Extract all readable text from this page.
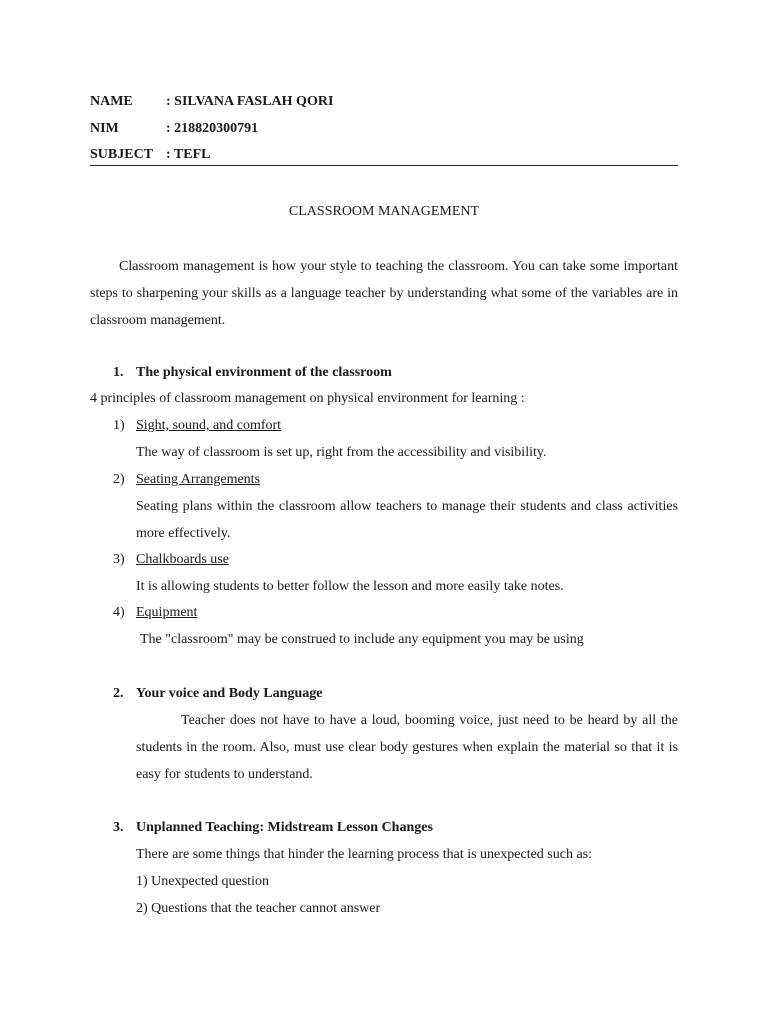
NAME : SILVANA FASLAH QORI
NIM	: 218820300791
SUBJECT : TEFL
CLASSROOM MANAGEMENT
Classroom management is how your style to teaching the classroom. You can take some important steps to sharpening your skills as a language teacher by understanding what some of the variables are in classroom management.
1. The physical environment of the classroom
4 principles of classroom management on physical environment for learning :
1) Sight, sound, and comfort
The way of classroom is set up, right from the accessibility and visibility.
2) Seating Arrangements
Seating plans within the classroom allow teachers to manage their students and class activities more effectively.
3) Chalkboards use
It is allowing students to better follow the lesson and more easily take notes.
4) Equipment
The "classroom" may be construed to include any equipment you may be using
2. Your voice and Body Language
Teacher does not have to have a loud, booming voice, just need to be heard by all the students in the room. Also, must use clear body gestures when explain the material so that it is easy for students to understand.
3. Unplanned Teaching: Midstream Lesson Changes
There are some things that hinder the learning process that is unexpected such as:
1) Unexpected question
2) Questions that the teacher cannot answer
